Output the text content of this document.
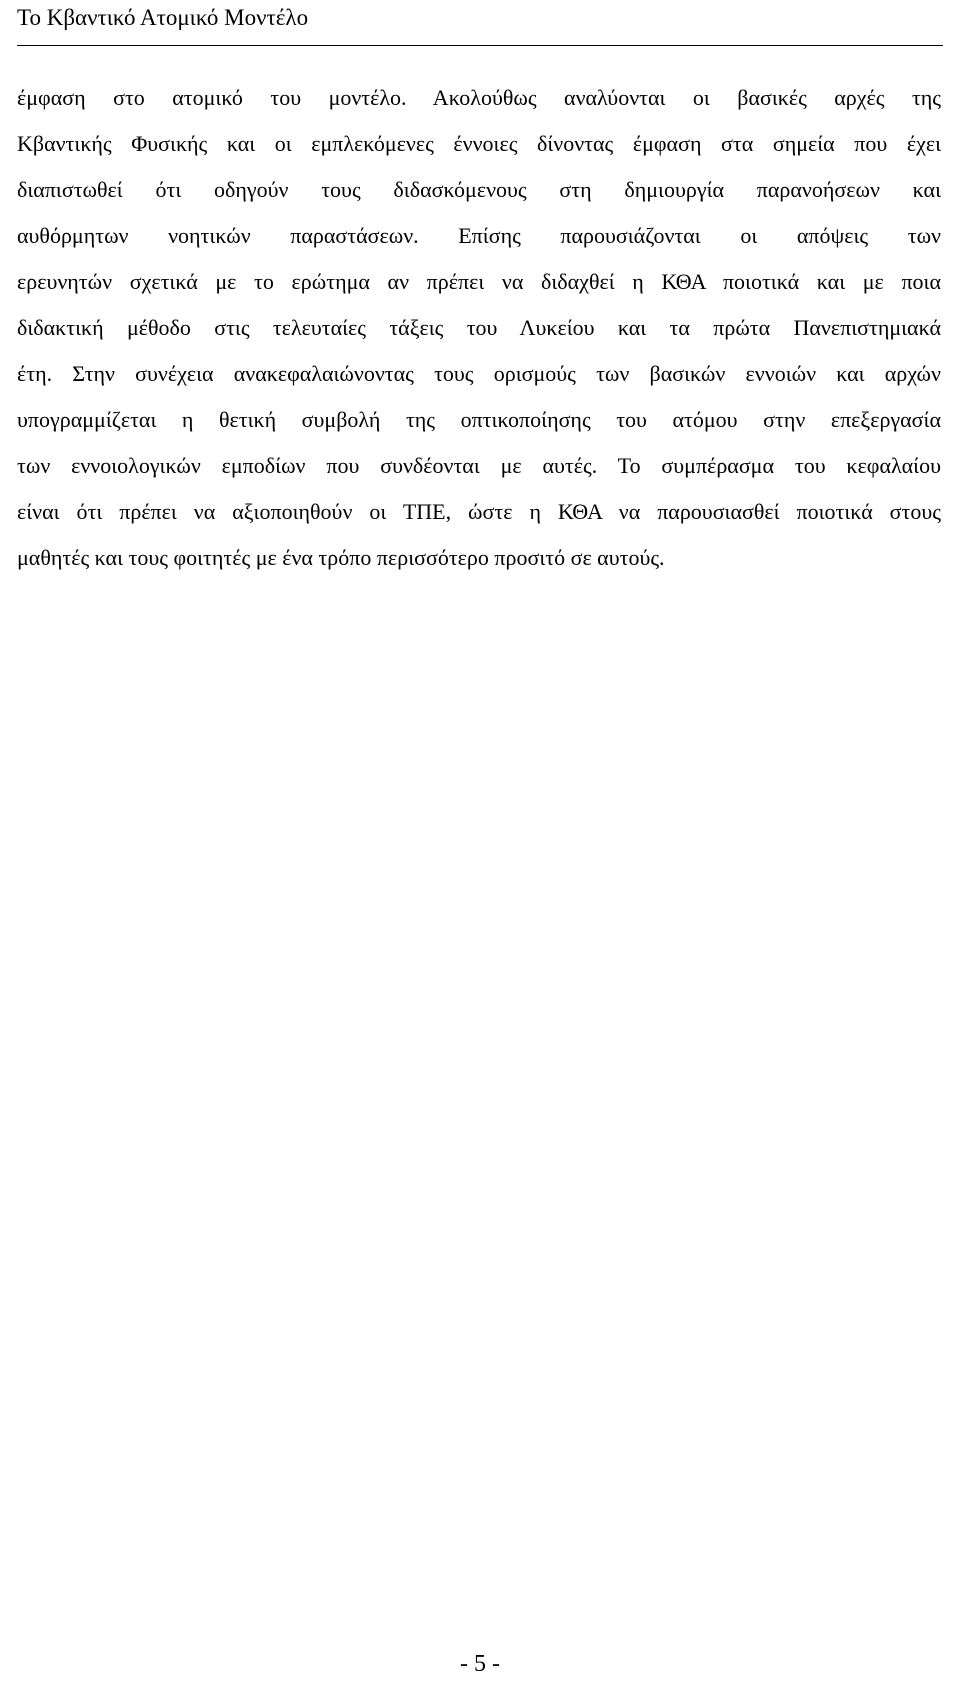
Το Κβαντικό Ατομικό Μοντέλο
έμφαση στο ατομικό του μοντέλο. Ακολούθως αναλύονται οι βασικές αρχές της
Κβαντικής Φυσικής και οι εμπλεκόμενες έννοιες δίνοντας έμφαση στα σημεία που έχει
διαπιστωθεί ότι οδηγούν τους διδασκόμενους στη δημιουργία παρανοήσεων και
αυθόρμητων νοητικών παραστάσεων. Επίσης παρουσιάζονται οι απόψεις των
ερευνητών σχετικά με το ερώτημα αν πρέπει να διδαχθεί η ΚΘΑ ποιοτικά και με ποια
διδακτική μέθοδο στις τελευταίες τάξεις του Λυκείου και τα πρώτα Πανεπιστημιακά
έτη. Στην συνέχεια ανακεφαλαιώνοντας τους ορισμούς των βασικών εννοιών και αρχών
υπογραμμίζεται η θετική συμβολή της οπτικοποίησης του ατόμου στην επεξεργασία
των εννοιολογικών εμποδίων που συνδέονται με αυτές. Το συμπέρασμα του κεφαλαίου
είναι ότι πρέπει να αξιοποιηθούν οι ΤΠΕ, ώστε η ΚΘΑ να παρουσιασθεί ποιοτικά στους
μαθητές και τους φοιτητές με ένα τρόπο περισσότερο προσιτό σε αυτούς.
- 5 -
